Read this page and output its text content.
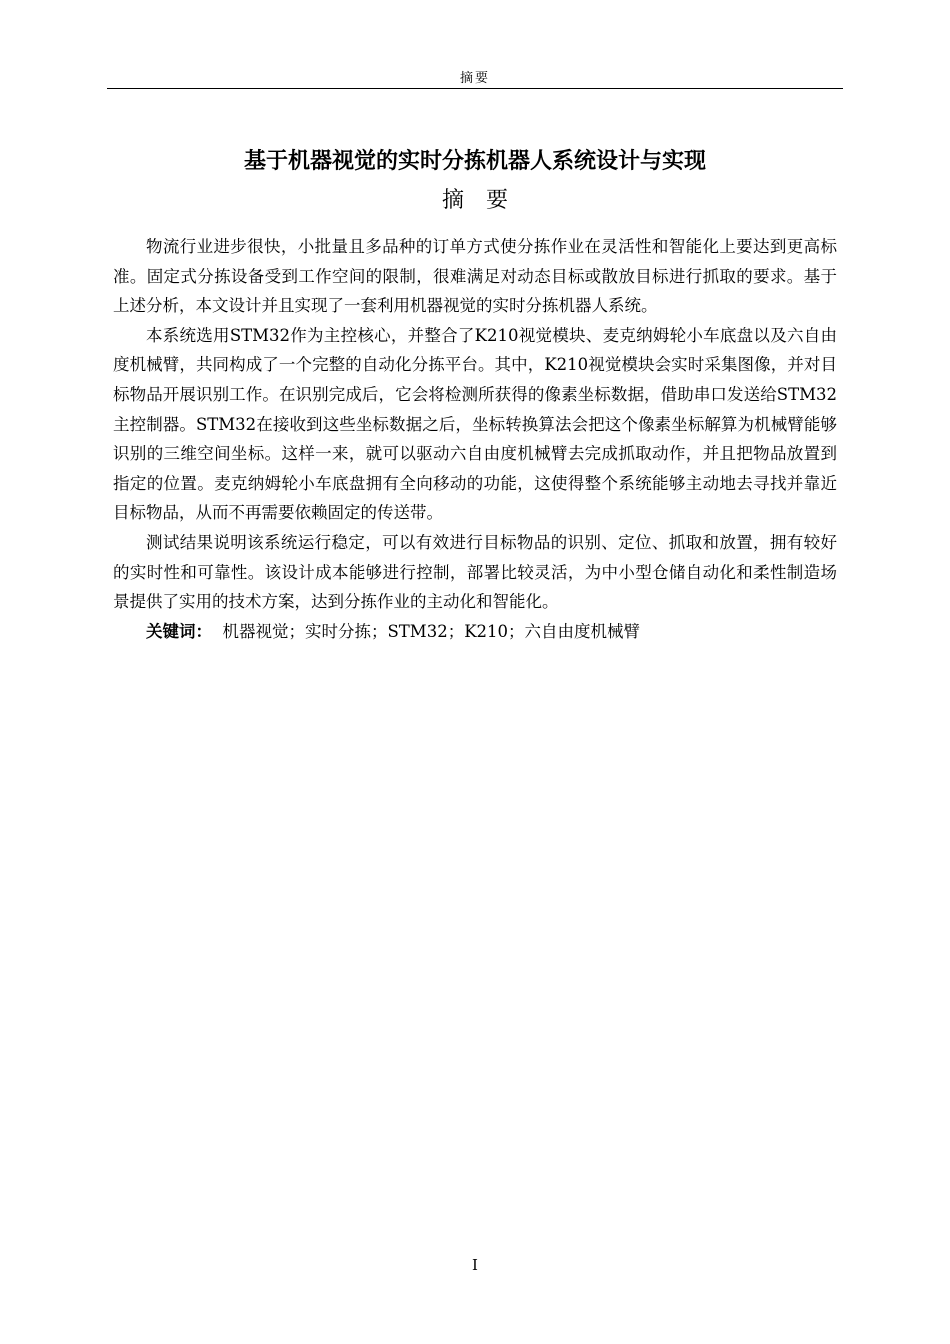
摘要
基于机器视觉的实时分拣机器人系统设计与实现
摘要

物流行业进步很快，小批量且多品种的订单方式使分拣作业在灵活性和智能化上要达到更高标准。固定式分拣设备受到工作空间的限制，很难满足对动态目标或散放目标进行抓取的要求。基于上述分析，本文设计并且实现了一套利用机器视觉的实时分拣机器人系统。

本系统选用STM32作为主控核心，并整合了K210视觉模块、麦克纳姆轮小车底盘以及六自由度机械臂，共同构成了一个完整的自动化分拣平台。其中，K210视觉模块会实时采集图像，并对目标物品开展识别工作。在识别完成后，它会将检测所获得的像素坐标数据，借助串口发送给STM32主控制器。STM32在接收到这些坐标数据之后，坐标转换算法会把这个像素坐标解算为机械臂能够识别的三维空间坐标。这样一来，就可以驱动六自由度机械臂去完成抓取动作，并且把物品放置到指定的位置。麦克纳姆轮小车底盘拥有全向移动的功能，这使得整个系统能够主动地去寻找并靠近目标物品，从而不再需要依赖固定的传送带。

测试结果说明该系统运行稳定，可以有效进行目标物品的识别、定位、抓取和放置，拥有较好的实时性和可靠性。该设计成本能够进行控制，部署比较灵活，为中小型仓储自动化和柔性制造场景提供了实用的技术方案，达到分拣作业的主动化和智能化。

关键词： 机器视觉；实时分拣；STM32；K210；六自由度机械臂

I
